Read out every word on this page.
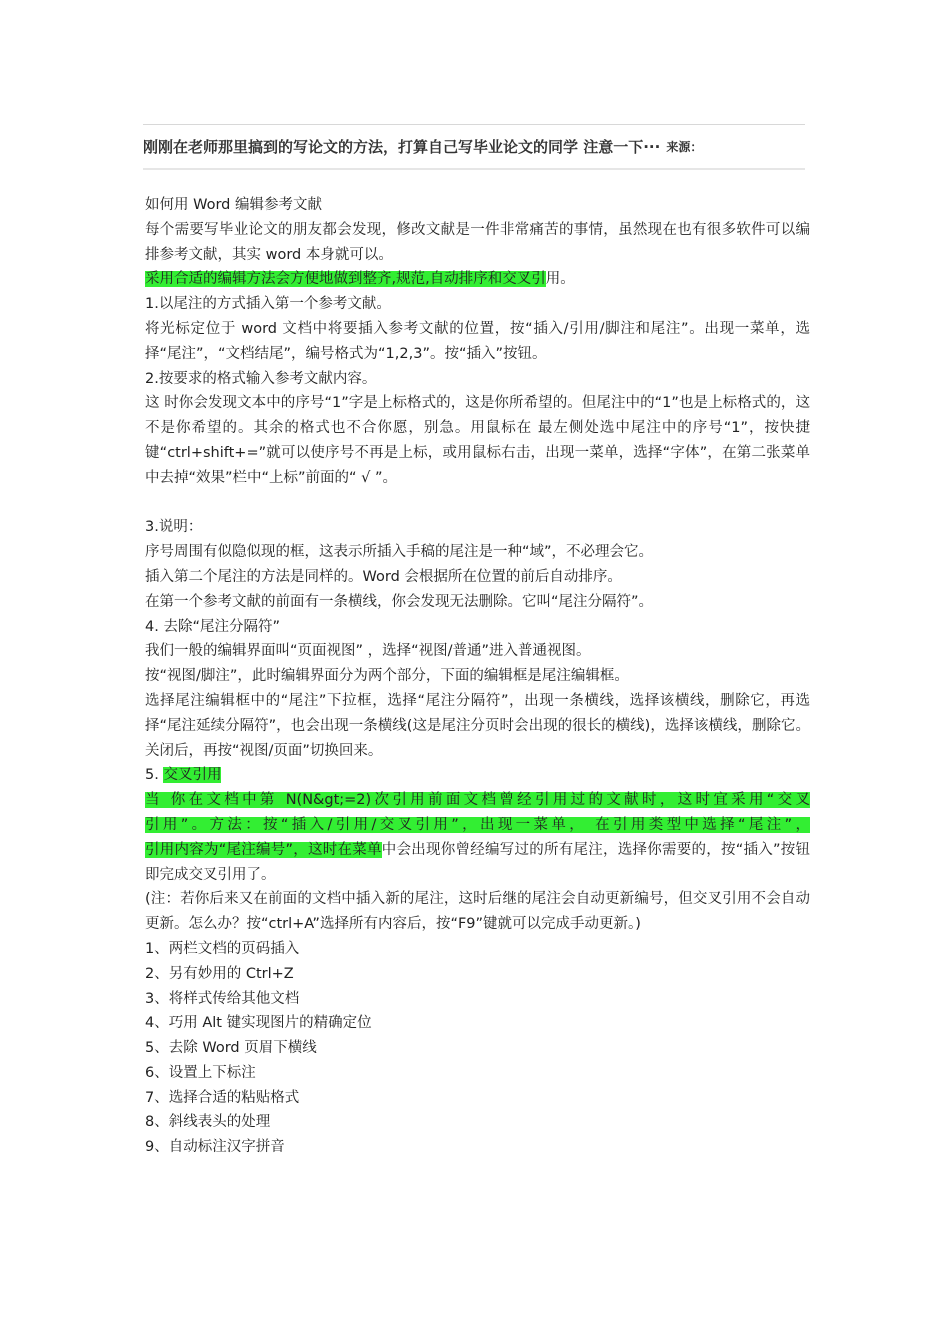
刚刚在老师那里搞到的写论文的方法，打算自己写毕业论文的同学 注意一下··· 来源：

如何用 Word 编辑参考文献

每个需要写毕业论文的朋友都会发现，修改文献是一件非常痛苦的事情，虽然现在也有很多软件可以编排参考文献，其实 word 本身就可以。

采用合适的编辑方法会方便地做到整齐,规范,自动排序和交叉引用。

1.以尾注的方式插入第一个参考文献。

将光标定位于 word 文档中将要插入参考文献的位置，按“插入/引用/脚注和尾注”。出现一菜单，选择“尾注”，“文档结尾”，编号格式为“1,2,3”。按“插入”按钮。

2.按要求的格式输入参考文献内容。

这 时你会发现文本中的序号“1”字是上标格式的，这是你所希望的。但尾注中的“1”也是上标格式的，这不是你希望的。其余的格式也不合你愿，别急。用鼠标在 最左侧处选中尾注中的序号“1”，按快捷键“ctrl+shift+=”就可以使序号不再是上标，或用鼠标右击，出现一菜单，选择“字体”，在第二张菜单 中去掉“效果”栏中“上标”前面的“ √ ”。

3.说明：

序号周围有似隐似现的框，这表示所插入手稿的尾注是一种“域”，不必理会它。

插入第二个尾注的方法是同样的。Word 会根据所在位置的前后自动排序。

在第一个参考文献的前面有一条横线，你会发现无法删除。它叫“尾注分隔符”。

4. 去除“尾注分隔符”

我们一般的编辑界面叫“页面视图” ，选择“视图/普通”进入普通视图。

按“视图/脚注”，此时编辑界面分为两个部分，下面的编辑框是尾注编辑框。

选择尾注编辑框中的“尾注”下拉框，选择“尾注分隔符”，出现一条横线，选择该横线，删除它，再选择“尾注延续分隔符”，也会出现一条横线(这是尾注分页时会出现的很长的横线)，选择该横线，删除它。关闭后，再按“视图/页面”切换回来。

5. 交叉引用

当 你在文档中第 N(N&gt;=2)次引用前面文档曾经引用过的文献时，这时宜采用“交叉

引用”。方法：按“插入/引用/交叉引用”，出现一菜单， 在引用类型中选择“尾注”，

引用内容为“尾注编号”，这时在菜单中会出现你曾经编写过的所有尾注，选择你需要的，按“插入”按钮即完成交叉引用了。

(注：若你后来又在前面的文档中插入新的尾注，这时后继的尾注会自动更新编号，但交叉引用不会自动更新。怎么办？按“ctrl+A”选择所有内容后，按“F9”键就可以完成手动更新。)

1、两栏文档的页码插入

2、另有妙用的 Ctrl+Z

3、将样式传给其他文档

4、巧用 Alt 键实现图片的精确定位

5、去除 Word 页眉下横线

6、设置上下标注

7、选择合适的粘贴格式

8、斜线表头的处理

9、自动标注汉字拼音
